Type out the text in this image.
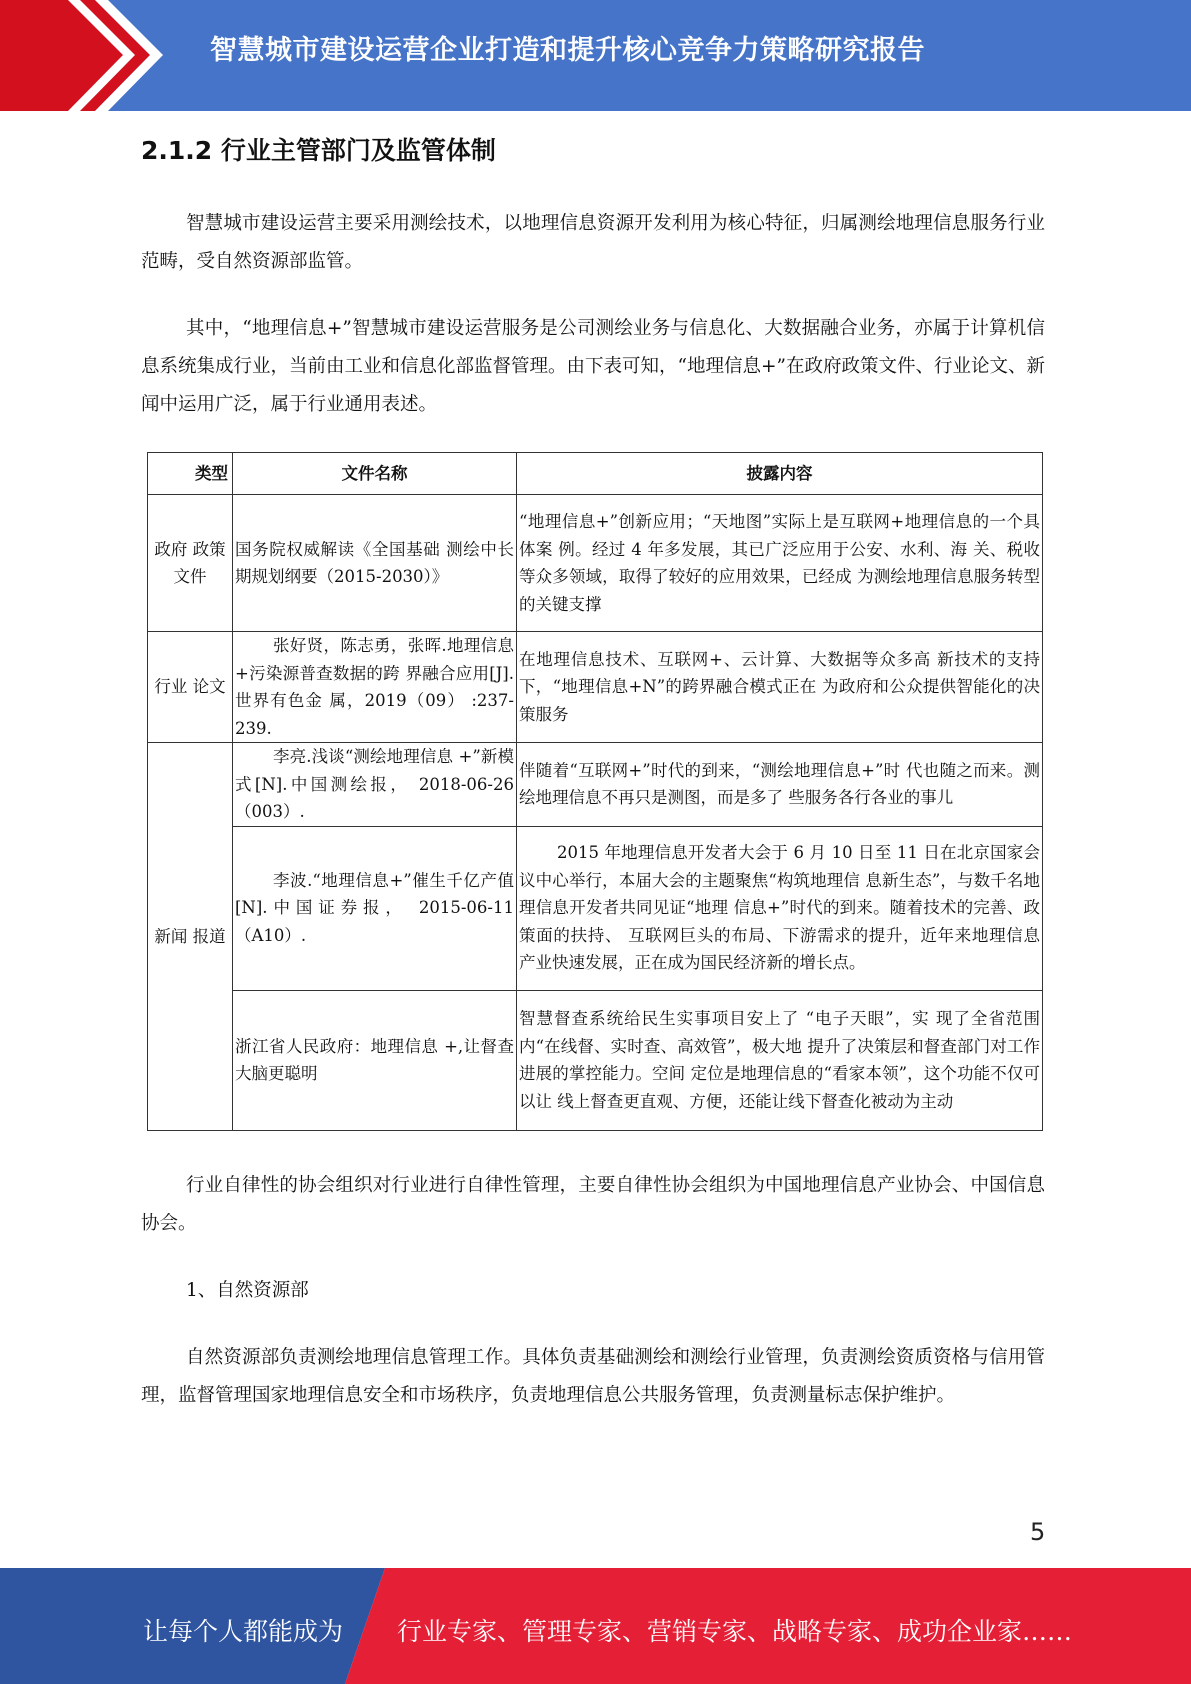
智慧城市建设运营企业打造和提升核心竞争力策略研究报告
2.1.2 行业主管部门及监管体制

智慧城市建设运营主要采用测绘技术，以地理信息资源开发利用为核心特征，归属测绘地理信息服务行业范畴，受自然资源部监管。

其中，“地理信息+”智慧城市建设运营服务是公司测绘业务与信息化、大数据融合业务，亦属于计算机信息系统集成行业，当前由工业和信息化部监督管理。由下表可知，“地理信息+”在政府政策文件、行业论文、新闻中运用广泛，属于行业通用表述。

类型	文件名称	披露内容
政府 政策 文件	国务院权威解读《全国基础 测绘中长期规划纲要（2015-2030）》	“地理信息+”创新应用；“天地图”实际上是互联网+地理信息的一个具体案 例。经过 4 年多发展，其已广泛应用于公安、水利、海 关、税收等众多领域，取得了较好的应用效果，已经成 为测绘地理信息服务转型的关键支撑
行业 论文	张好贤，陈志勇，张晖.地理信息+污染源普查数据的跨 界融合应用[J].世界有色金 属，2019（09） :237-239.	在地理信息技术、互联网+、云计算、大数据等众多高 新技术的支持下，“地理信息+N”的跨界融合模式正在 为政府和公众提供智能化的决策服务
新闻 报道	李亮.浅谈“测绘地理信息 +”新模式[N].中国测绘报， 2018-06-26 （003）.	伴随着“互联网+”时代的到来，“测绘地理信息+”时 代也随之而来。测绘地理信息不再只是测图，而是多了 些服务各行各业的事儿

	李波.“地理信息+”催生千亿产值[N].中国证券报， 2015-06-11（A10）.	2015 年地理信息开发者大会于 6 月 10 日至 11 日在北京国家会议中心举行，本届大会的主题聚焦“构筑地理信 息新生态”，与数千名地理信息开发者共同见证“地理 信息+”时代的到来。随着技术的完善、政策面的扶持、 互联网巨头的布局、下游需求的提升，近年来地理信息 产业快速发展，正在成为国民经济新的增长点。

	浙江省人民政府：地理信息 +,让督查大脑更聪明	智慧督查系统给民生实事项目安上了 “电子天眼”，实 现了全省范围内“在线督、实时查、高效管”，极大地 提升了决策层和督查部门对工作进展的掌控能力。空间 定位是地理信息的“看家本领”，这个功能不仅可以让 线上督查更直观、方便，还能让线下督查化被动为主动

行业自律性的协会组织对行业进行自律性管理，主要自律性协会组织为中国地理信息产业协会、中国信息协会。

1、自然资源部

自然资源部负责测绘地理信息管理工作。具体负责基础测绘和测绘行业管理，负责测绘资质资格与信用管理，监督管理国家地理信息安全和市场秩序，负责地理信息公共服务管理，负责测量标志保护维护。

5
让每个人都能成为 行业专家、管理专家、营销专家、战略专家、成功企业家……
